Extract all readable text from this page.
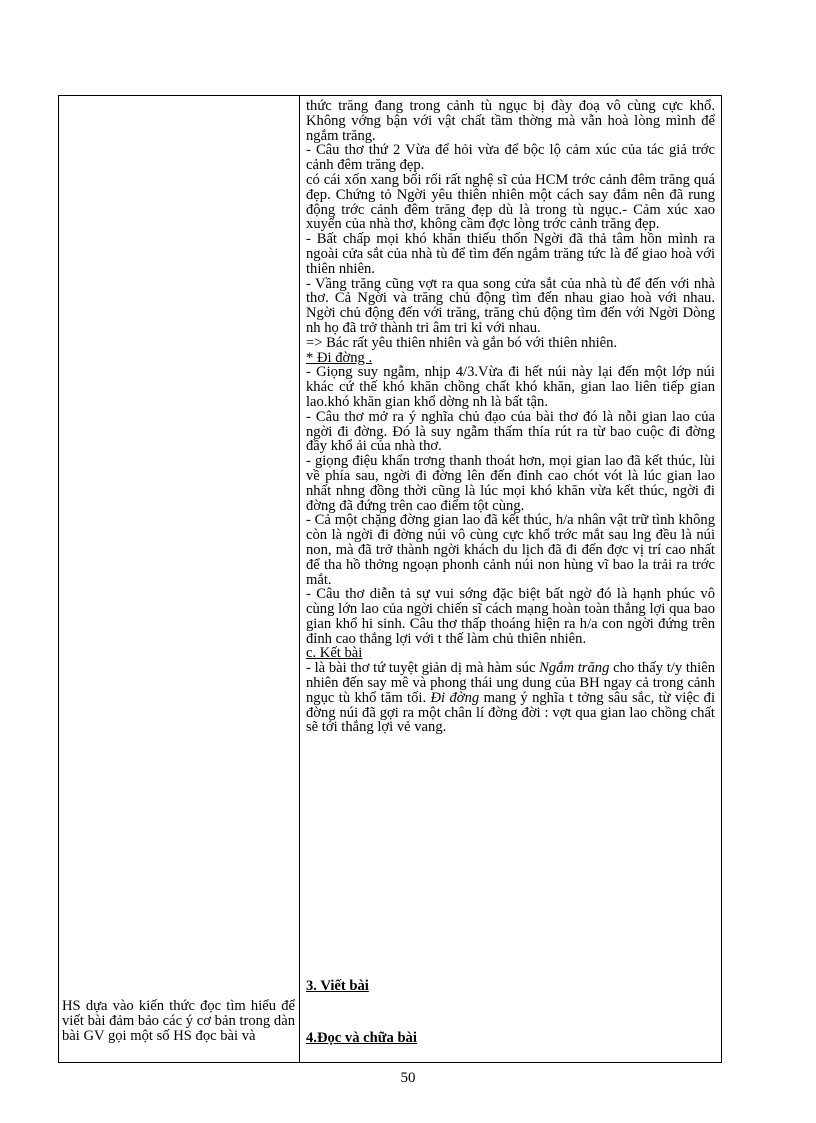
HS dựa vào kiến thức đọc tìm hiểu để viết bài đảm bảo các ý cơ bản trong dàn bài GV gọi một số HS đọc bài và

thức trăng đang trong cảnh tù ngục bị đày đoạ vô cùng cực khổ. Không vớng bận với vật chất tầm thờng mà vẫn hoà lòng mình để ngắm trăng.

- Câu thơ thứ 2 Vừa để hỏi vừa để bộc lộ cảm xúc của tác giả trớc cảnh đêm trăng đẹp.

có cái xốn xang bối rối rất nghệ sĩ của HCM trớc cảnh đêm trăng quá đẹp. Chứng tỏ Ngời yêu thiên nhiên một cách say đắm nên đã rung động trớc cảnh đêm trăng đẹp dù là trong tù ngục.- Cảm xúc xao xuyến của nhà thơ, không cầm đợc lòng trớc cảnh trăng đẹp.

- Bất chấp mọi khó khăn thiếu thốn Ngời đã thả tâm hồn mình ra ngoài cửa sắt của nhà tù để tìm đến ngắm trăng tức là để giao hoà với thiên nhiên.

- Vầng trăng cũng vợt ra qua song cửa sắt của nhà tù để đến với nhà thơ. Cả Ngời và trăng chủ động tìm đến nhau giao hoà với nhau. Ngời chủ động đến với trăng, trăng chủ động tìm đến với Ngời Dòng nh họ đã trở thành tri âm tri kỉ với nhau.

=> Bác rất yêu thiên nhiên và gắn bó với thiên nhiên.

* Đi đờng .

- Giọng suy ngẫm, nhịp 4/3.Vừa đi hết núi này lại đến một lớp núi khác cứ thế khó khăn chồng chất khó khăn, gian lao liên tiếp gian lao.khó khăn gian khổ dờng nh là bất tận.

- Câu thơ mở ra ý nghĩa chủ đạo của bài thơ đó là nỗi gian lao của ngời đi đờng. Đó là suy ngẫm thấm thía rút ra từ bao cuộc đi đờng đầy khổ ải của nhà thơ.

- giọng điệu khẩn trơng thanh thoát hơn, mọi gian lao đã kết thúc, lùi về phía sau, ngời đi đờng lên đến đỉnh cao chót vót là lúc gian lao nhất nhng đồng thời cũng là lúc mọi khó khăn vừa kết thúc, ngời đi đờng đã đứng trên cao điểm tột cùng.

- Cả một chặng đờng gian lao đã kết thúc, h/a nhân vật trữ tình không còn là ngời đi đờng núi vô cùng cực khổ trớc mắt sau lng đều là núi non, mà đã trở thành ngời khách du lịch đã đi đến đợc vị trí cao nhất để tha hồ thởng ngoạn phonh cảnh núi non hùng vĩ bao la trải ra trớc mắt.

- Câu thơ diễn tả sự vui sớng đặc biệt bất ngờ đó là hạnh phúc vô cùng lớn lao của ngời chiến sĩ cách mạng hoàn toàn thắng lợi qua bao gian khổ hi sinh. Câu thơ thấp thoáng hiện ra h/a con ngời đứng trên đỉnh cao thắng lợi với t thế làm chủ thiên nhiên.

c. Kết bài

- là bài thơ tứ tuyệt giản dị mà hàm súc Ngắm trăng cho thấy t/y thiên nhiên đến say mê và phong thái ung dung của BH ngay cả trong cảnh ngục tù khổ tăm tối. Đi đờng mang ý nghĩa t tởng sâu sắc, từ việc đi đờng núi đã gợi ra một chân lí đờng đời : vợt qua gian lao chồng chất sẽ tới thắng lợi vẻ vang.

3. Viết bài
4.Đọc và chữa bài
50
